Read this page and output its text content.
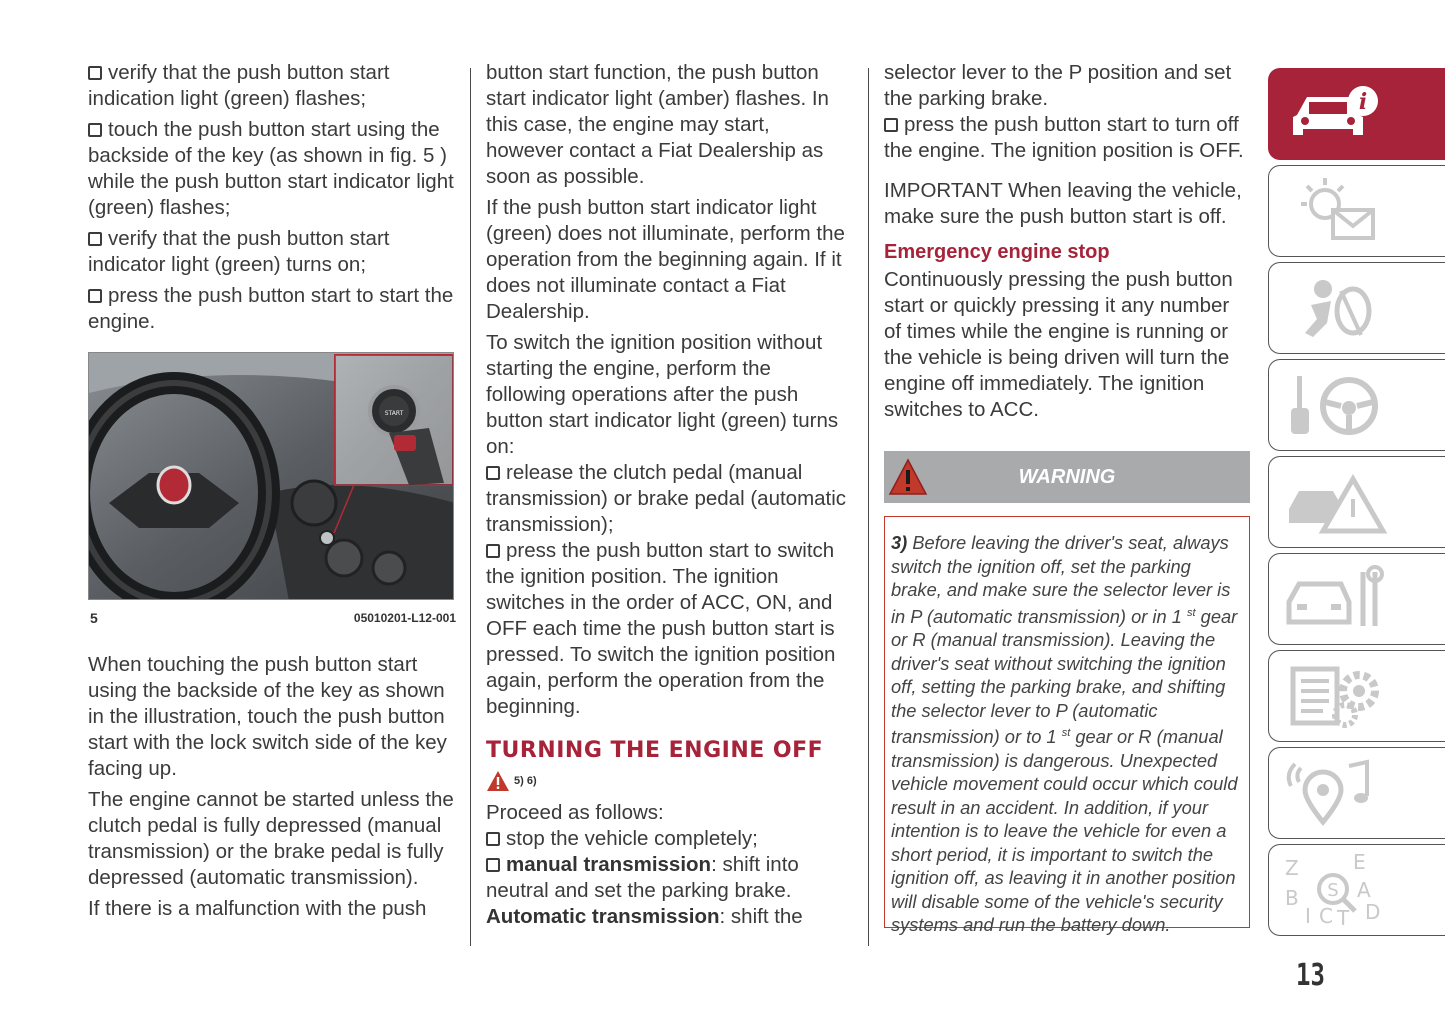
verify that the push button start indication light (green) flashes;

touch the push button start using the backside of the key (as shown in fig. 5 ) while the push button start indicator light (green) flashes;

verify that the push button start indicator light (green) turns on;

press the push button start to start the engine.

START
5	05010201-L12-001

When touching the push button start using the backside of the key as shown in the illustration, touch the push button start with the lock switch side of the key facing up.

The engine cannot be started unless the clutch pedal is fully depressed (manual transmission) or the brake pedal is fully depressed (automatic transmission).

If there is a malfunction with the push

button start function, the push button start indicator light (amber) flashes. In this case, the engine may start, however contact a Fiat Dealership as soon as possible.

If the push button start indicator light (green) does not illuminate, perform the operation from the beginning again. If it does not illuminate contact a Fiat Dealership.

To switch the ignition position without starting the engine, perform the following operations after the push button start indicator light (green) turns on:

release the clutch pedal (manual transmission) or brake pedal (automatic transmission);

press the push button start to switch the ignition position. The ignition switches in the order of ACC, ON, and OFF each time the push button start is pressed. To switch the ignition position again, perform the operation from the beginning.

TURNING THE ENGINE OFF
5) 6)

Proceed as follows:

stop the vehicle completely;

manual transmission: shift into neutral and set the parking brake.

Automatic transmission: shift the

selector lever to the P position and set the parking brake.

press the push button start to turn off the engine. The ignition position is OFF.

IMPORTANT When leaving the vehicle, make sure the push button start is off.

Emergency engine stop

Continuously pressing the push button start or quickly pressing it any number of times while the engine is running or the vehicle is being driven will turn the engine off immediately. The ignition switches to ACC.

WARNING
3) Before leaving the driver's seat, always switch the ignition off, set the parking brake, and make sure the selector lever is in P (automatic transmission) or in 1 $^{st}$ gear or R (manual transmission). Leaving the driver's seat without switching the ignition off, setting the parking brake, and shifting the selector lever to P (automatic transmission) or to 1 $^{st}$ gear or R (manual transmission) is dangerous. Unexpected vehicle movement could occur which could result in an accident. In addition, if your intention is to leave the vehicle for even a short period, it is important to switch the ignition off, as leaving it in another position will disable some of the vehicle's security systems and run the battery down.
i
Z	E
A
B
I C T D
S
13
